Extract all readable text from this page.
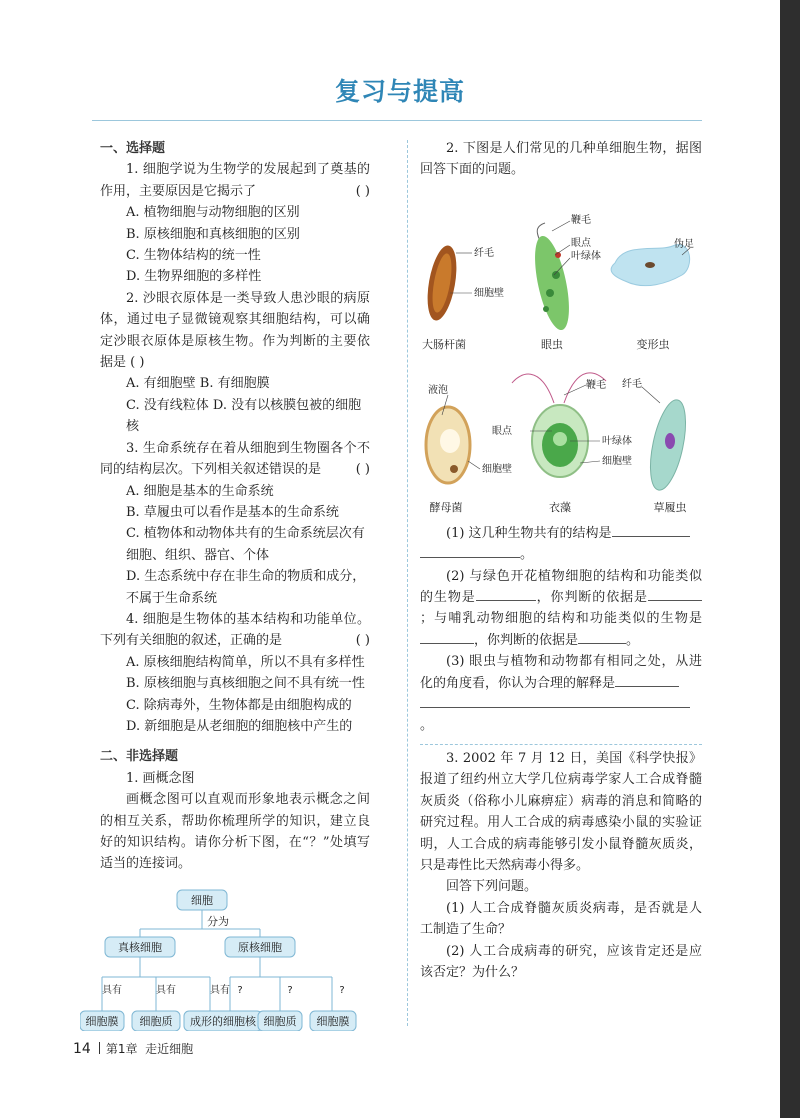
复习与提高
一、选择题
1. 细胞学说为生物学的发展起到了奠基的作用，主要原因是它揭示了	( )
A. 植物细胞与动物细胞的区别
B. 原核细胞和真核细胞的区别
C. 生物体结构的统一性
D. 生物界细胞的多样性
2. 沙眼衣原体是一类导致人患沙眼的病原体，通过电子显微镜观察其细胞结构，可以确定沙眼衣原体是原核生物。作为判断的主要依据是 ( )
A. 有细胞壁 B. 有细胞膜
C. 没有线粒体 D. 没有以核膜包被的细胞核
3. 生命系统存在着从细胞到生物圈各个不同的结构层次。下列相关叙述错误的是	( )
A. 细胞是基本的生命系统
B. 草履虫可以看作是基本的生命系统
C. 植物体和动物体共有的生命系统层次有细胞、组织、器官、个体
D. 生态系统中存在非生命的物质和成分，不属于生命系统
4. 细胞是生物体的基本结构和功能单位。下列有关细胞的叙述，正确的是	( )
A. 原核细胞结构简单，所以不具有多样性
B. 原核细胞与真核细胞之间不具有统一性
C. 除病毒外，生物体都是由细胞构成的
D. 新细胞是从老细胞的细胞核中产生的
二、非选择题
1. 画概念图
画概念图可以直观而形象地表示概念之间的相互关系，帮助你梳理所学的知识，建立良好的知识结构。请你分析下图，在“？”处填写适当的连接词。
细胞
分为
真核细胞	原核细胞
细胞膜 细胞质 成形的细胞核 细胞质 细胞膜
具有	具有	具有 ?	?	?
2. 下图是人们常见的几种单细胞生物，据图回答下面的问题。
纤毛
鞭毛
眼点
叶绿体
细胞壁
伪足
液泡	鞭毛 纤毛
眼点
叶绿体
细胞壁
细胞壁
大肠杆菌	眼虫	变形虫
酵母菌	衣藻	草履虫
(1) 这几种生物共有的结构是
。
(2) 与绿色开花植物细胞的结构和功能类似的生物是	，你判断的依据是；与哺乳动物细胞的结构和功能类似的生物是，你判断的依据是	。
(3) 眼虫与植物和动物都有相同之处，从进化的角度看，你认为合理的解释是
。
3. 2002 年 7 月 12 日，美国《科学快报》报道了纽约州立大学几位病毒学家人工合成脊髓灰质炎（俗称小儿麻痹症）病毒的消息和简略的研究过程。用人工合成的病毒感染小鼠的实验证明，人工合成的病毒能够引发小鼠脊髓灰质炎，只是毒性比天然病毒小得多。
回答下列问题。
(1) 人工合成脊髓灰质炎病毒，是否就是人工制造了生命？
(2) 人工合成病毒的研究，应该肯定还是应该否定？为什么？
14 第1章 走近细胞
